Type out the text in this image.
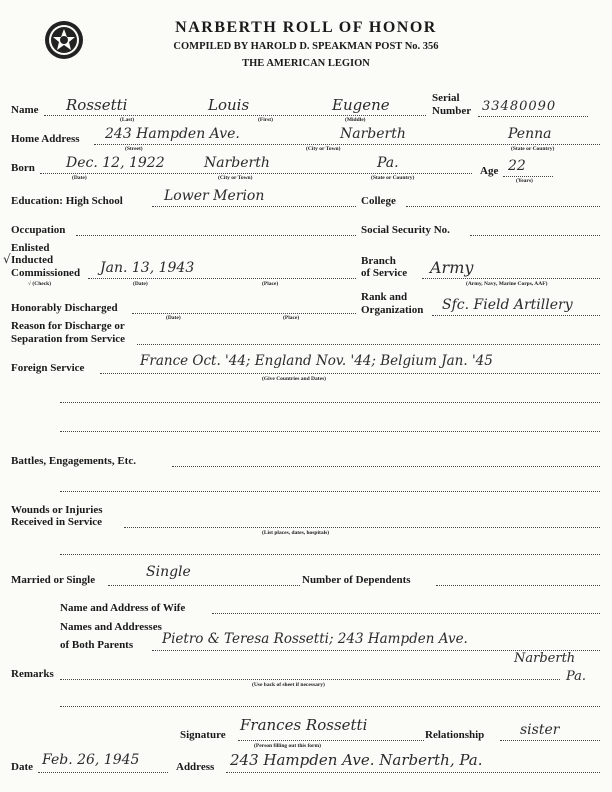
NARBERTH ROLL OF HONOR
COMPILED BY HAROLD D. SPEAKMAN POST No. 356
THE AMERICAN LEGION
Name Rossetti	Louis	Eugene
(Last)	(First)	(Middle)
Serial
Number 33480090
Home Address 243 Hampden Ave.	Narberth	Penna
(Street)	(City or Town)	(State or Country)
Born Dec. 12, 1922	Narberth	Pa.
(Date)	(City or Town)	(State or Country)
Age 22
(Years)
Education: High School	Lower Merion	College
Occupation	Social Security No.
Enlisted
√ Inducted
Commissioned Jan. 13, 1943
√ (Check)	(Date)	(Place)
Branch
of Service Army
(Army, Navy, Marine Corps, AAF)
Honorably Discharged
(Date)	(Place)
Rank and
Organization Sfc. Field Artillery
Reason for Discharge or
Separation from Service
Foreign Service	France Oct. '44; England Nov. '44; Belgium Jan. '45
(Give Countries and Dates)
Battles, Engagements, Etc.
Wounds or Injuries
Received in Service
(List places, dates, hospitals)
Married or Single	Single	Number of Dependents
Name and Address of Wife
Names and Addresses
of Both Parents Pietro & Teresa Rossetti; 243 Hampden Ave.
Narberth
Pa.
Remarks
(Use back of sheet if necessary)
Signature
Frances Rossetti
(Person filling out this form)
Relationship	sister
Date Feb. 26, 1945	Address 243 Hampden Ave. Narberth, Pa.
